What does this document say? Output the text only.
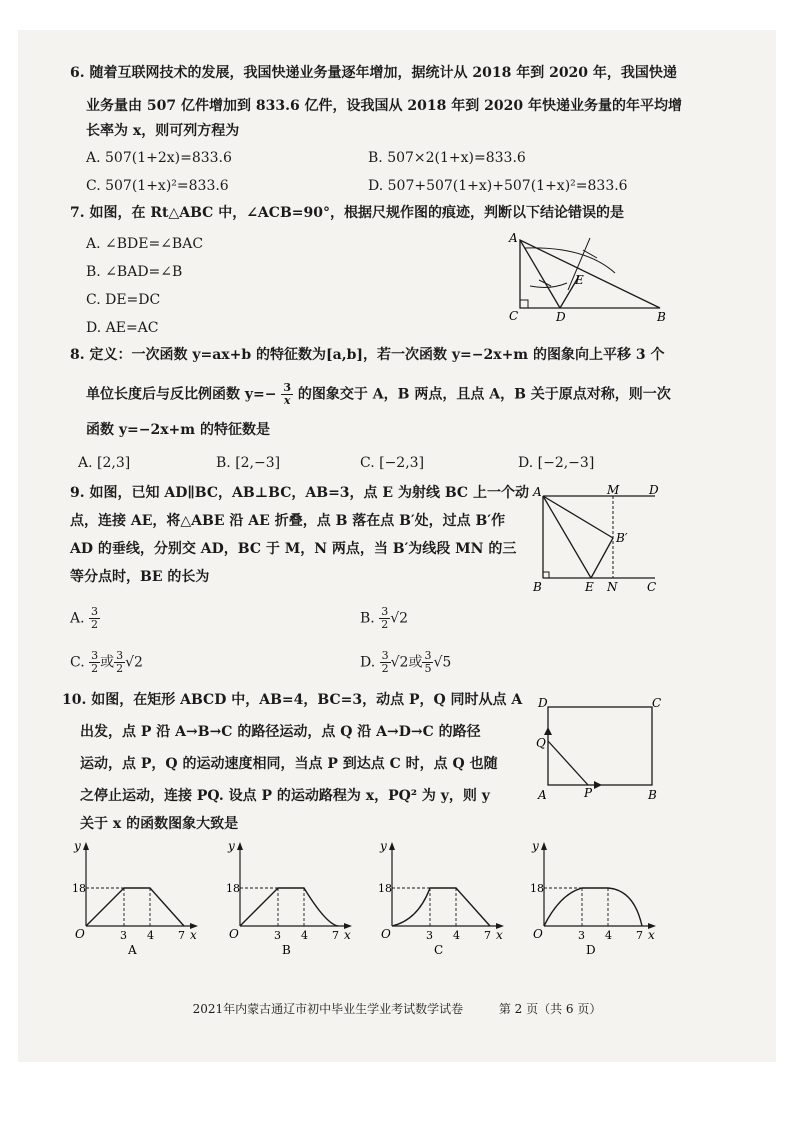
6. 随着互联网技术的发展，我国快递业务量逐年增加，据统计从 2018 年到 2020 年，我国快递
业务量由 507 亿件增加到 833.6 亿件，设我国从 2018 年到 2020 年快递业务量的年平均增
长率为 x，则可列方程为
A. 507(1+2x)=833.6	B. 507×2(1+x)=833.6
C. 507(1+x)²=833.6	D. 507+507(1+x)+507(1+x)²=833.6
7. 如图，在 Rt△ABC 中，∠ACB=90°，根据尺规作图的痕迹，判断以下结论错误的是
A. ∠BDE=∠BAC
B. ∠BAD=∠B
C. DE=DC
D. AE=AC
A
C	D
E
B
8. 定义：一次函数 y=ax+b 的特征数为[a,b]，若一次函数 y=−2x+m 的图象向上平移 3 个
单位长度后与反比例函数 $y=- \frac{3}{x}$ 的图象交于 A，B 两点，且点 A，B 关于原点对称，则一次
函数 y=−2x+m 的特征数是
A. [2,3]	B. [2,−3]	C. [−2,3]	D. [−2,−3]
9. 如图，已知 AD∥BC，AB⊥BC，AB=3，点 E 为射线 BC 上一个动
点，连接 AE，将△ABE 沿 AE 折叠，点 B 落在点 B′处，过点 B′作
AD 的垂线，分别交 AD，BC 于 M，N 两点，当 B′为线段 MN 的三
等分点时，BE 的长为
A. $\frac{3}{2}$	B. $\frac{3}{2} √2$
C. $\frac{3}{2}$ 或 $\frac{3}{2} √2$	D. $\frac{3}{2} √2$或 $\frac{3}{5} √5$
A	M D
B′
B	E N C
10. 如图，在矩形 ABCD 中，AB=4，BC=3，动点 P，Q 同时从点 A
出发，点 P 沿 A→B→C 的路径运动，点 Q 沿 A→D→C 的路径
运动，点 P，Q 的运动速度相同，当点 P 到达点 C 时，点 Q 也随
之停止运动，连接 PQ. 设点 P 的运动路程为 x，PQ² 为 y，则 y
关于 x 的函数图象大致是
D	C
Q
A	P	B
y
x
O
18
3 4 7
A
y
x
O
18
3 4 7
B
y
x
O
18
3 4 7
C
y
x
O
18
3 4 7
D
2021年内蒙古通辽市初中毕业生学业考试数学试卷	第 2 页（共 6 页）
